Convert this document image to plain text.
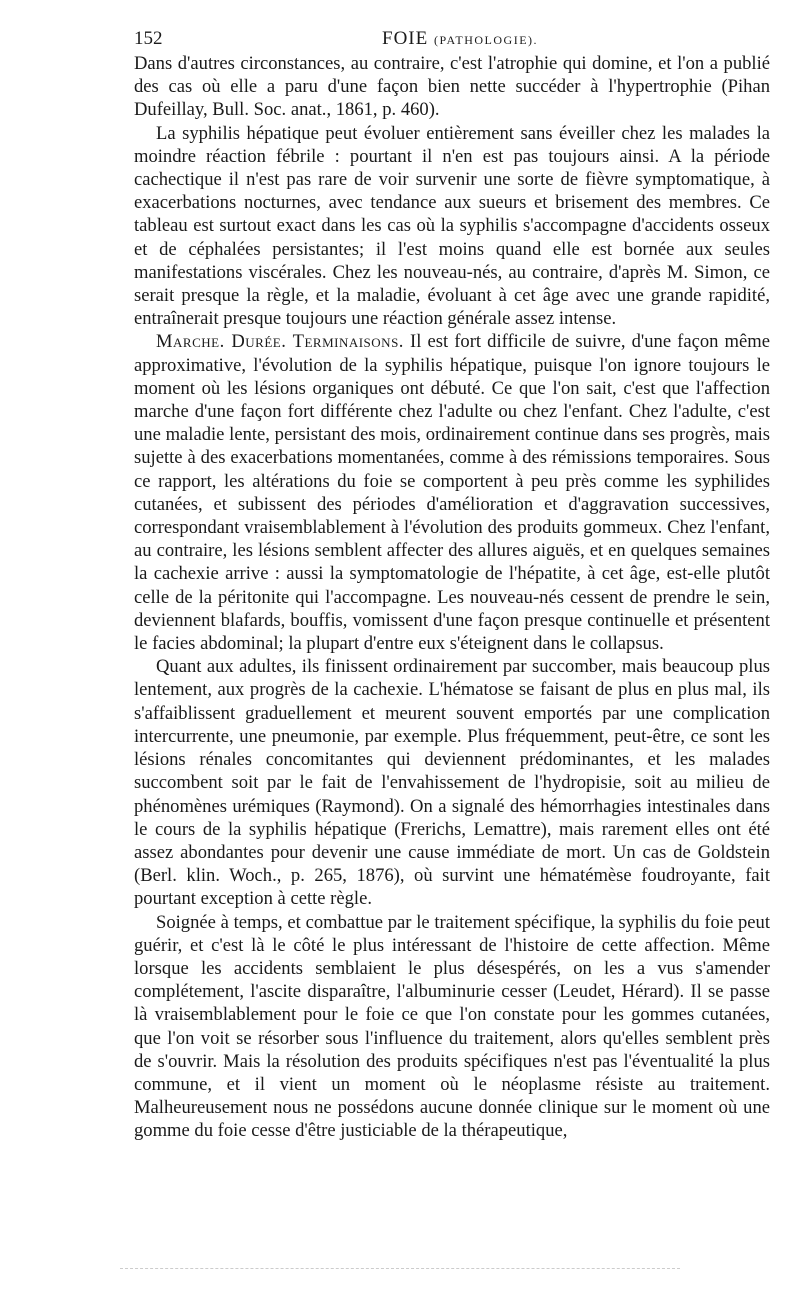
152	FOIE (PATHOLOGIE).

Dans d'autres circonstances, au contraire, c'est l'atrophie qui domine, et l'on a publié des cas où elle a paru d'une façon bien nette succéder à l'hypertrophie (Pihan Dufeillay, Bull. Soc. anat., 1861, p. 460).

La syphilis hépatique peut évoluer entièrement sans éveiller chez les malades la moindre réaction fébrile : pourtant il n'en est pas toujours ainsi. A la période cachectique il n'est pas rare de voir survenir une sorte de fièvre symptomatique, à exacerbations nocturnes, avec tendance aux sueurs et brisement des membres. Ce tableau est surtout exact dans les cas où la syphilis s'accompagne d'accidents osseux et de céphalées persistantes; il l'est moins quand elle est bornée aux seules manifestations viscérales. Chez les nouveau-nés, au contraire, d'après M. Simon, ce serait presque la règle, et la maladie, évoluant à cet âge avec une grande rapidité, entraînerait presque toujours une réaction générale assez intense.

Marche. Durée. Terminaisons. Il est fort difficile de suivre, d'une façon même approximative, l'évolution de la syphilis hépatique, puisque l'on ignore toujours le moment où les lésions organiques ont débuté. Ce que l'on sait, c'est que l'affection marche d'une façon fort différente chez l'adulte ou chez l'enfant. Chez l'adulte, c'est une maladie lente, persistant des mois, ordinairement continue dans ses progrès, mais sujette à des exacerbations momentanées, comme à des rémissions temporaires. Sous ce rapport, les altérations du foie se comportent à peu près comme les syphilides cutanées, et subissent des périodes d'amélioration et d'aggravation successives, correspondant vraisemblablement à l'évolution des produits gommeux. Chez l'enfant, au contraire, les lésions semblent affecter des allures aiguës, et en quelques semaines la cachexie arrive : aussi la symptomatologie de l'hépatite, à cet âge, est-elle plutôt celle de la péritonite qui l'accompagne. Les nouveau-nés cessent de prendre le sein, deviennent blafards, bouffis, vomissent d'une façon presque continuelle et présentent le facies abdominal; la plupart d'entre eux s'éteignent dans le collapsus.

Quant aux adultes, ils finissent ordinairement par succomber, mais beaucoup plus lentement, aux progrès de la cachexie. L'hématose se faisant de plus en plus mal, ils s'affaiblissent graduellement et meurent souvent emportés par une complication intercurrente, une pneumonie, par exemple. Plus fréquemment, peut-être, ce sont les lésions rénales concomitantes qui deviennent prédominantes, et les malades succombent soit par le fait de l'envahissement de l'hydropisie, soit au milieu de phénomènes urémiques (Raymond). On a signalé des hémorrhagies intestinales dans le cours de la syphilis hépatique (Frerichs, Lemattre), mais rarement elles ont été assez abondantes pour devenir une cause immédiate de mort. Un cas de Goldstein (Berl. klin. Woch., p. 265, 1876), où survint une hématémèse foudroyante, fait pourtant exception à cette règle.

Soignée à temps, et combattue par le traitement spécifique, la syphilis du foie peut guérir, et c'est là le côté le plus intéressant de l'histoire de cette affection. Même lorsque les accidents semblaient le plus désespérés, on les a vus s'amender complétement, l'ascite disparaître, l'albuminurie cesser (Leudet, Hérard). Il se passe là vraisemblablement pour le foie ce que l'on constate pour les gommes cutanées, que l'on voit se résorber sous l'influence du traitement, alors qu'elles semblent près de s'ouvrir. Mais la résolution des produits spécifiques n'est pas l'éventualité la plus commune, et il vient un moment où le néoplasme résiste au traitement. Malheureusement nous ne possédons aucune donnée clinique sur le moment où une gomme du foie cesse d'être justiciable de la thérapeutique,
